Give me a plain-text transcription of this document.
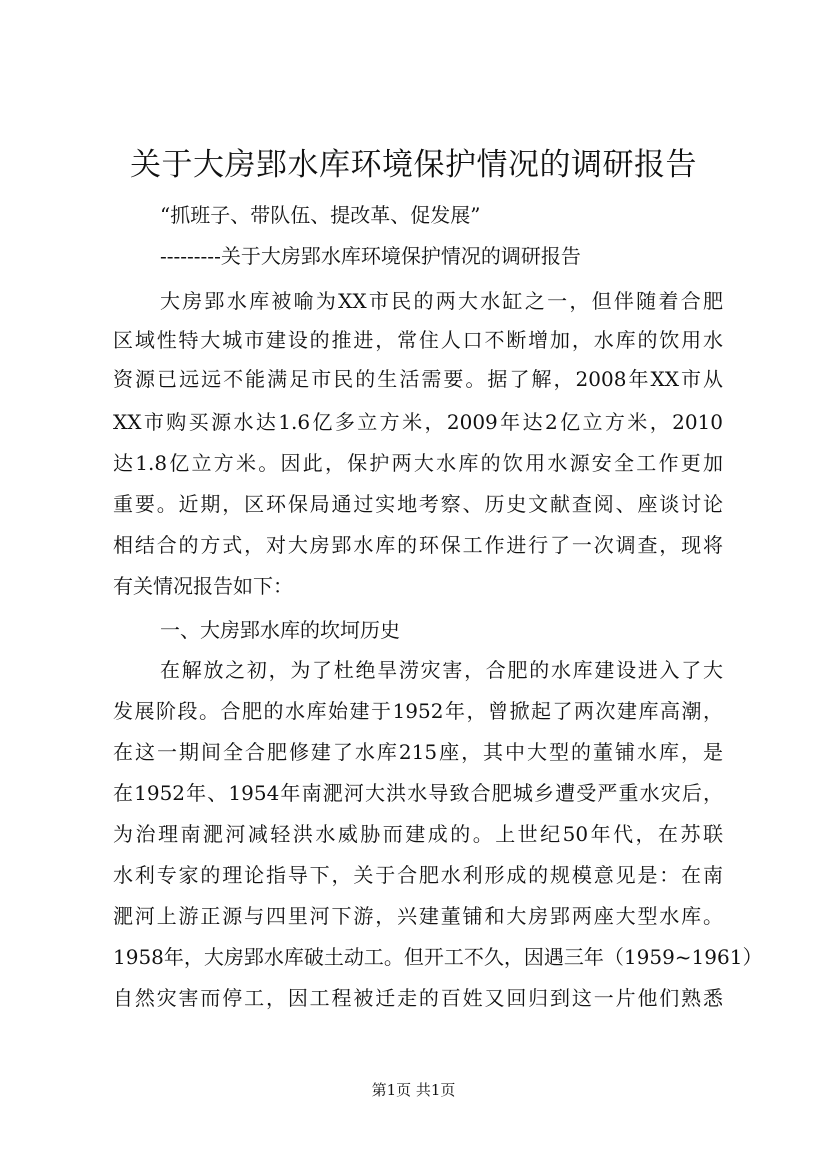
关于大房郢水库环境保护情况的调研报告

“抓班子、带队伍、提改革、促发展”

---------关于大房郢水库环境保护情况的调研报告

大房郢水库被喻为XX市民的两大水缸之一，但伴随着合肥

区域性特大城市建设的推进，常住人口不断增加，水库的饮用水

资源已远远不能满足市民的生活需要。据了解，2008年XX市从

XX市购买源水达1.6亿多立方米，2009年达2亿立方米，2010

达1.8亿立方米。因此，保护两大水库的饮用水源安全工作更加

重要。近期，区环保局通过实地考察、历史文献查阅、座谈讨论

相结合的方式，对大房郢水库的环保工作进行了一次调查，现将

有关情况报告如下：

一、大房郢水库的坎坷历史

在解放之初，为了杜绝旱涝灾害，合肥的水库建设进入了大

发展阶段。合肥的水库始建于1952年，曾掀起了两次建库高潮，

在这一期间全合肥修建了水库215座，其中大型的董铺水库，是

在1952年、1954年南淝河大洪水导致合肥城乡遭受严重水灾后，

为治理南淝河减轻洪水威胁而建成的。上世纪50年代，在苏联

水利专家的理论指导下，关于合肥水利形成的规模意见是：在南

淝河上游正源与四里河下游，兴建董铺和大房郢两座大型水库。

1958年，大房郢水库破土动工。但开工不久，因遇三年（1959~1961）

自然灾害而停工，因工程被迁走的百姓又回归到这一片他们熟悉

第1页 共1页
